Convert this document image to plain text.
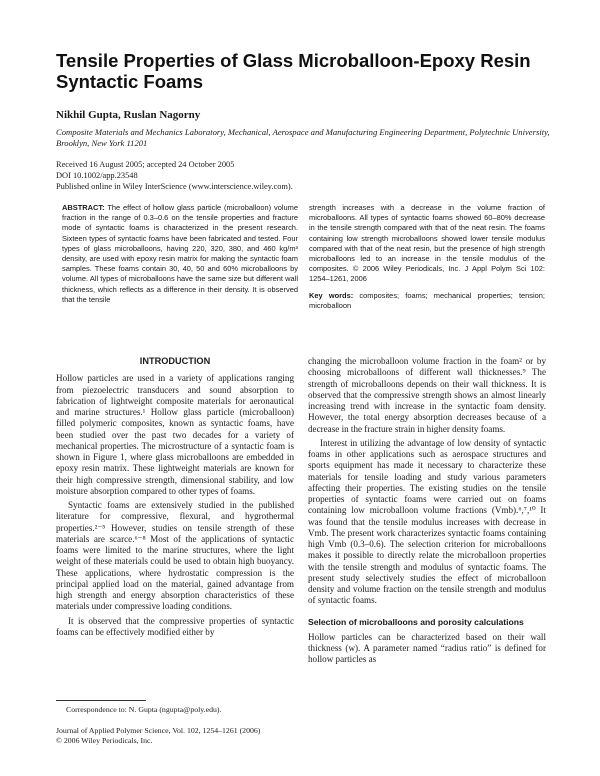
Tensile Properties of Glass Microballoon-Epoxy Resin Syntactic Foams
Nikhil Gupta, Ruslan Nagorny
Composite Materials and Mechanics Laboratory, Mechanical, Aerospace and Manufacturing Engineering Department, Polytechnic University, Brooklyn, New York 11201
Received 16 August 2005; accepted 24 October 2005
DOI 10.1002/app.23548
Published online in Wiley InterScience (www.interscience.wiley.com).

ABSTRACT: The effect of hollow glass particle (microballoon) volume fraction in the range of 0.3–0.6 on the tensile properties and fracture mode of syntactic foams is characterized in the present research. Sixteen types of syntactic foams have been fabricated and tested. Four types of glass microballoons, having 220, 320, 380, and 460 kg/m³ density, are used with epoxy resin matrix for making the syntactic foam samples. These foams contain 30, 40, 50 and 60% microballoons by volume. All types of microballoons have the same size but different wall thickness, which reflects as a difference in their density. It is observed that the tensile

strength increases with a decrease in the volume fraction of microballoons. All types of syntactic foams showed 60–80% decrease in the tensile strength compared with that of the neat resin. The foams containing low strength microballoons showed lower tensile modulus compared with that of the neat resin, but the presence of high strength microballoons led to an increase in the tensile modulus of the composites. © 2006 Wiley Periodicals, Inc. J Appl Polym Sci 102: 1254–1261, 2006

Key words: composites; foams; mechanical properties; tension; microballoon

INTRODUCTION

Hollow particles are used in a variety of applications ranging from piezoelectric transducers and sound absorption to fabrication of lightweight composite materials for aeronautical and marine structures.¹ Hollow glass particle (microballoon) filled polymeric composites, known as syntactic foams, have been studied over the past two decades for a variety of mechanical properties. The microstructure of a syntactic foam is shown in Figure 1, where glass microballoons are embedded in epoxy resin matrix. These lightweight materials are known for their high compressive strength, dimensional stability, and low moisture absorption compared to other types of foams.

Syntactic foams are extensively studied in the published literature for compressive, flexural, and hygrothermal properties.²⁻⁵ However, studies on tensile strength of these materials are scarce.⁶⁻⁸ Most of the applications of syntactic foams were limited to the marine structures, where the light weight of these materials could be used to obtain high buoyancy. These applications, where hydrostatic compression is the principal applied load on the material, gained advantage from high strength and energy absorption characteristics of these materials under compressive loading conditions.

It is observed that the compressive properties of syntactic foams can be effectively modified either by

changing the microballoon volume fraction in the foam² or by choosing microballoons of different wall thicknesses.⁹ The strength of microballoons depends on their wall thickness. It is observed that the compressive strength shows an almost linearly increasing trend with increase in the syntactic foam density. However, the total energy absorption decreases because of a decrease in the fracture strain in higher density foams.

Interest in utilizing the advantage of low density of syntactic foams in other applications such as aerospace structures and sports equipment has made it necessary to characterize these materials for tensile loading and study various parameters affecting their properties. The existing studies on the tensile properties of syntactic foams were carried out on foams containing low microballoon volume fractions (Vmb).⁶,⁷,¹⁰ It was found that the tensile modulus increases with decrease in Vmb. The present work characterizes syntactic foams containing high Vmb (0.3–0.6). The selection criterion for microballoons makes it possible to directly relate the microballoon properties with the tensile strength and modulus of syntactic foams. The present study selectively studies the effect of microballoon density and volume fraction on the tensile strength and modulus of syntactic foams.

Selection of microballoons and porosity calculations

Hollow particles can be characterized based on their wall thickness (w). A parameter named “radius ratio” is defined for hollow particles as

Correspondence to: N. Gupta (ngupta@poly.edu).
Journal of Applied Polymer Science, Vol. 102, 1254–1261 (2006)
© 2006 Wiley Periodicals, Inc.
